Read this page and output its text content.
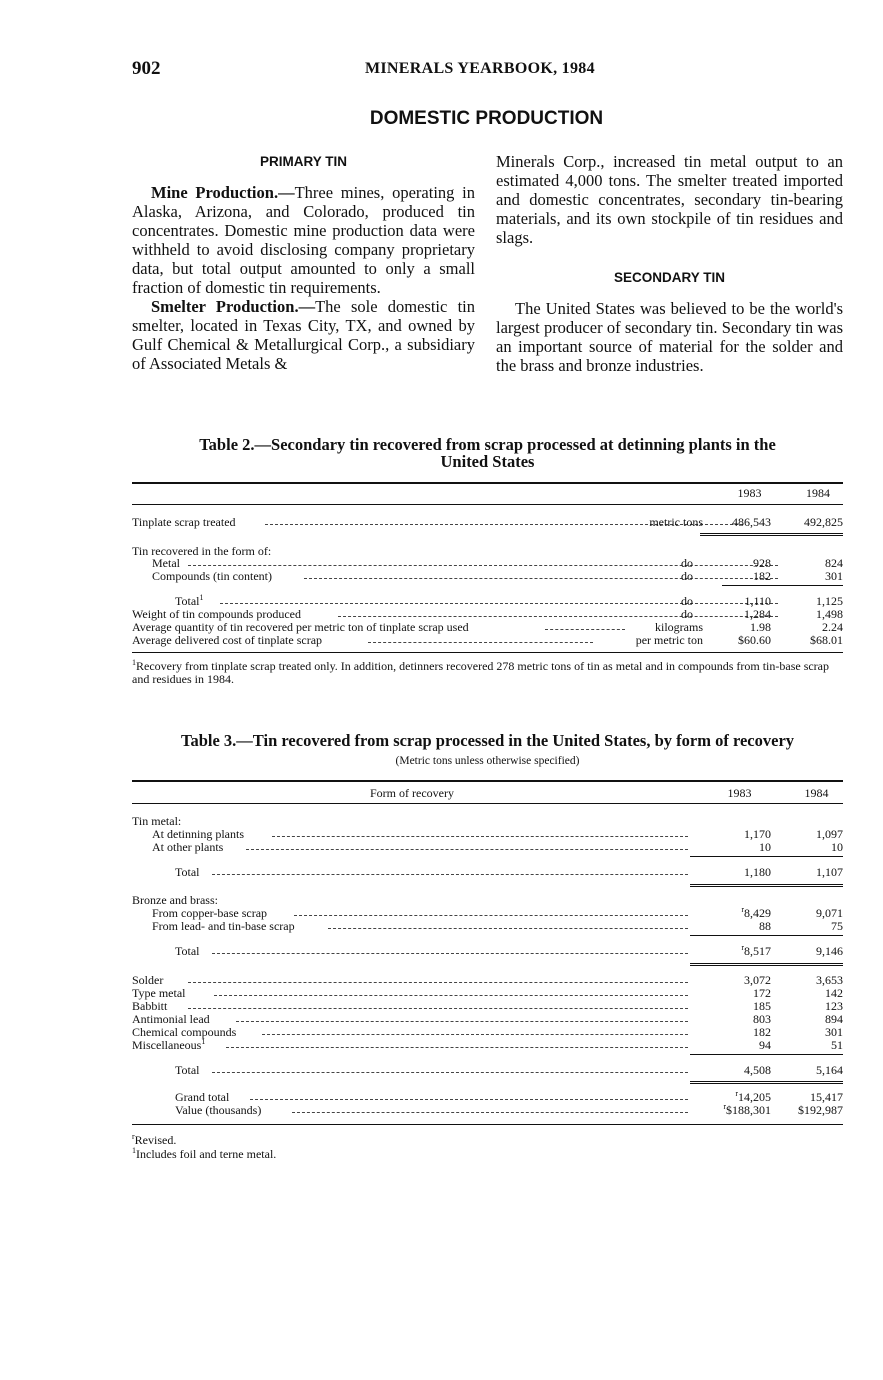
902	MINERALS YEARBOOK, 1984
DOMESTIC PRODUCTION
PRIMARY TIN

Mine Production.—Three mines, operating in Alaska, Arizona, and Colorado, produced tin concentrates. Domestic mine production data were withheld to avoid disclosing company proprietary data, but total output amounted to only a small fraction of domestic tin requirements.

Smelter Production.—The sole domestic tin smelter, located in Texas City, TX, and owned by Gulf Chemical & Metallurgical Corp., a subsidiary of Associated Metals &

Minerals Corp., increased tin metal output to an estimated 4,000 tons. The smelter treated imported and domestic concentrates, secondary tin-bearing materials, and its own stockpile of tin residues and slags.

SECONDARY TIN

The United States was believed to be the world's largest producer of secondary tin. Secondary tin was an important source of material for the solder and the brass and bronze industries.

Table 2.—Secondary tin recovered from scrap processed at detinning plants in the
United States
1983	1984
Tinplate scrap treated	metric tons 486,543	492,825
Tin recovered in the form of:
Metal	do	928	824
Compounds (tin content)	do	182	301
Total$^1$	do	1,110	1,125
Weight of tin compounds produced	do	1,284	1,498
Average quantity of tin recovered per metric ton of tinplate scrap used	kilograms	1.98	2.24
Average delivered cost of tinplate scrap	per metric ton	$60.60	$68.01
$^1$Recovery from tinplate scrap treated only. In addition, detinners recovered 278 metric tons of tin as metal and in compounds from tin-base scrap and residues in 1984.
Table 3.—Tin recovered from scrap processed in the United States, by form of recovery
(Metric tons unless otherwise specified)
Form of recovery	1983	1984
Tin metal:
At detinning plants	1,170	1,097
At other plants	10	10
Total	1,180	1,107
Bronze and brass:
From copper-base scrap	$^r$8,429	9,071
From lead- and tin-base scrap	88	75
Total	$^r$8,517	9,146
Solder	3,072	3,653
Type metal	172	142
Babbitt	185	123
Antimonial lead	803	894
Chemical compounds	182	301
Miscellaneous$^1$	94	51
Total	4,508	5,164
Grand total	$^r$14,205	15,417
Value (thousands)	$^r$\$188,301 $192,987
$^r$Revised.
$^1$Includes foil and terne metal.
